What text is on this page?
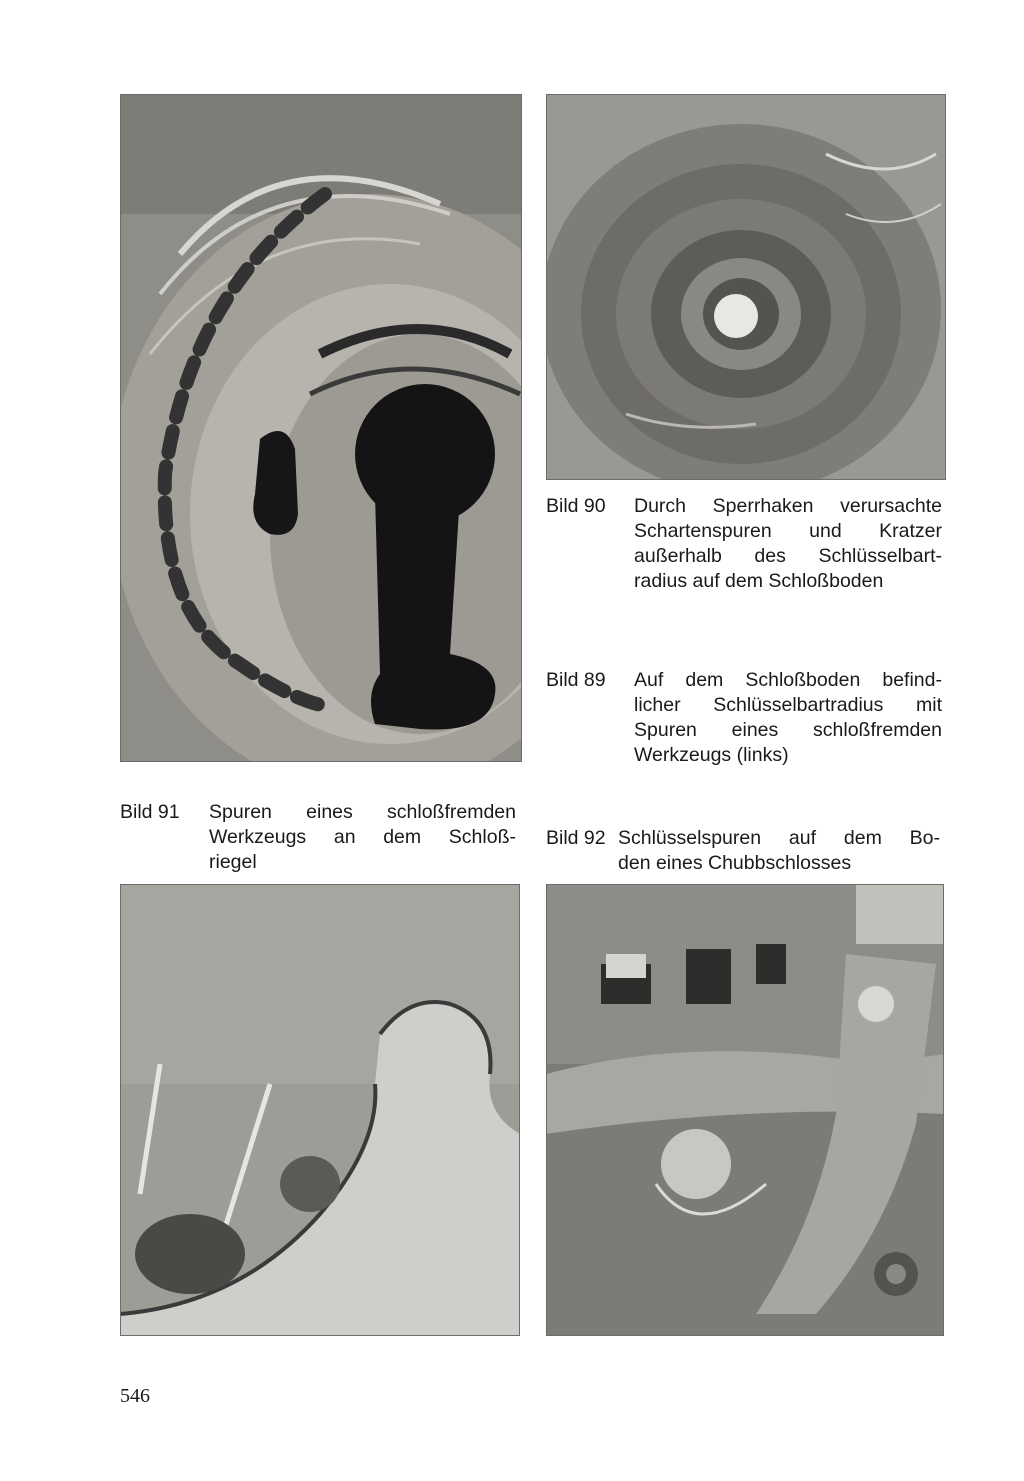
Bild 90 Durch Sperrhaken verursachte
Schartenspuren und Kratzer
außerhalb des Schlüsselbart-
radius auf dem Schloßboden
Bild 89 Auf dem Schloßboden befind-
licher Schlüsselbartradius mit
Spuren eines schloßfremden
Werkzeugs (links)
Bild 91 Spuren eines schloßfremden
Werkzeugs an dem Schloß-
riegel
Bild 92 Schlüsselspuren auf dem Bo-
den eines Chubbschlosses
546
